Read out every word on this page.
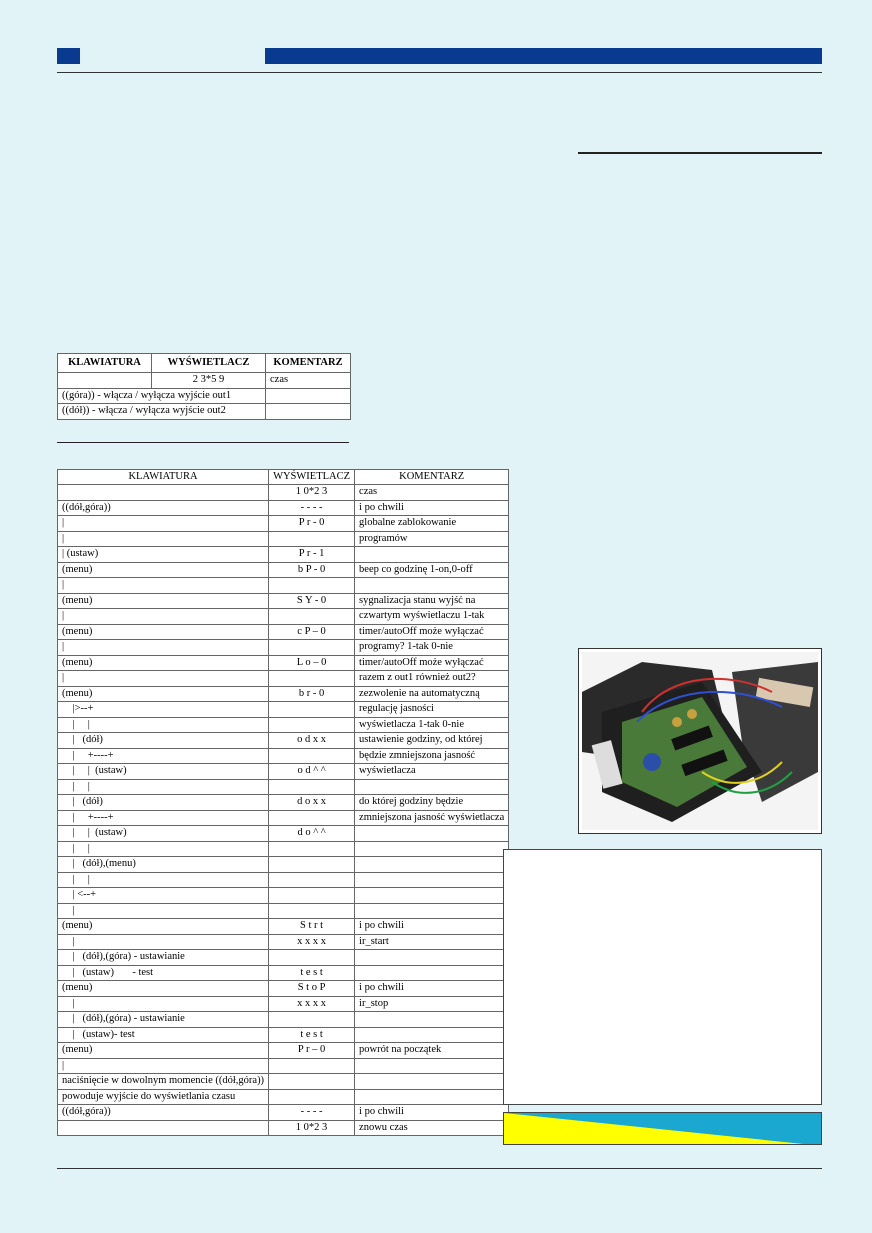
KLAWIATURA	WYŚWIETLACZ	KOMENTARZ
	2 3*5 9	czas
((góra)) - włącza / wyłącza wyjście out1		
((dół)) - włącza / wyłącza wyjście out2		
KLAWIATURA	WYŚWIETLACZ	KOMENTARZ
	1 0*2 3	czas
((dół,góra))	- - - -	i po chwili
|	P r - 0	globalne zablokowanie
|		programów
| (ustaw)	P r - 1	
(menu)	b P - 0	beep co godzinę 1-on,0-off
|		
(menu)	S Y - 0	sygnalizacja stanu wyjść na
|		czwartym wyświetlaczu 1-tak
(menu)	c P – 0	timer/autoOff może wyłączać
|		programy? 1-tak 0-nie
(menu)	L o – 0	timer/autoOff może wyłączać
|		razem z out1 również out2?
(menu)	b r - 0	zezwolenie na automatyczną
|>--+		regulację jasności
|     |		wyświetlacza 1-tak 0-nie
|   (dół)	o d x x	ustawienie godziny, od której
|     +----+		będzie zmniejszona jasność
|     |  (ustaw)	o d ^ ^	wyświetlacza
|     |		
|   (dół)	d o x x	do której godziny będzie
|     +----+		zmniejszona jasność wyświetlacza
|     |  (ustaw)	d o ^ ^	
|     |		
|   (dół),(menu)		
|     |		
| <--+		
|		
(menu)	S t r t	i po chwili
|	x x x x	ir_start
|   (dół),(góra) - ustawianie		
|   (ustaw)       - test	t e s t	
(menu)	S t o P	i po chwili
|	x x x x	ir_stop
|   (dół),(góra) - ustawianie		
|   (ustaw)- test	t e s t	
(menu)	P r – 0	powrót na początek
|		
naciśnięcie w dowolnym momencie ((dół,góra))		
powoduje wyjście do wyświetlania czasu		
((dół,góra))	- - - -	i po chwili
	1 0*2 3	znowu czas
